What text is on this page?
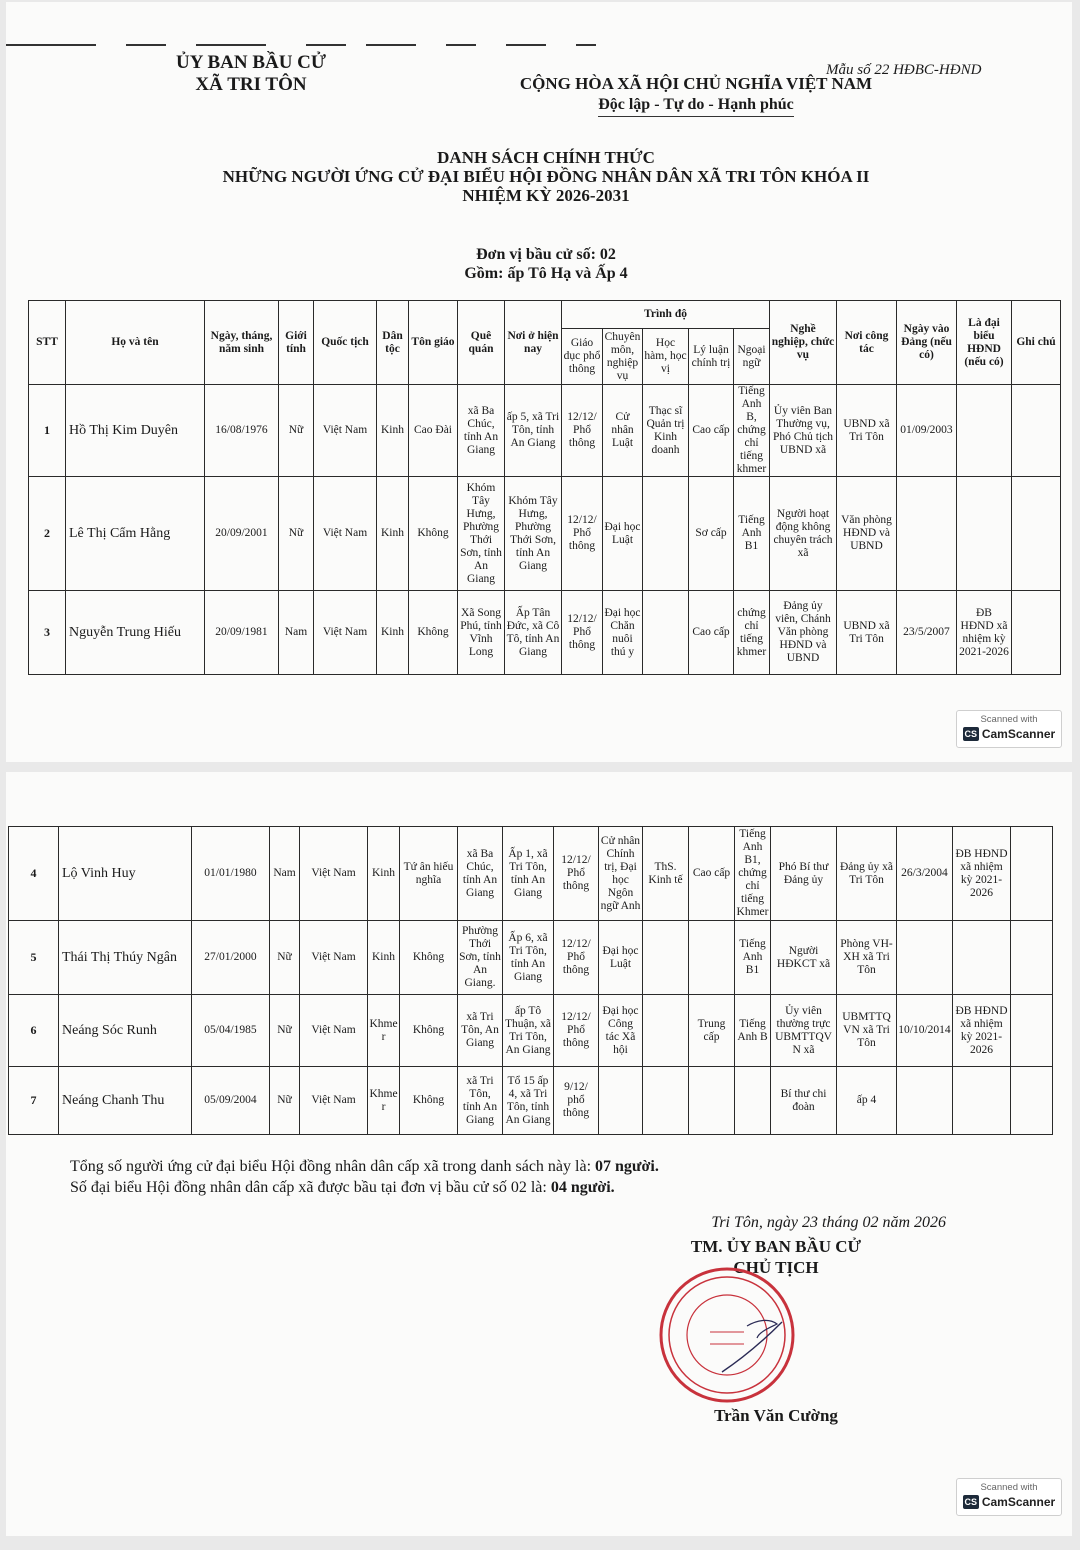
ỦY BAN BẦU CỬ
XÃ TRI TÔN
Mẫu số 22 HĐBC-HĐND
CỘNG HÒA XÃ HỘI CHỦ NGHĨA VIỆT NAM
Độc lập - Tự do - Hạnh phúc
DANH SÁCH CHÍNH THỨC
NHỮNG NGƯỜI ỨNG CỬ ĐẠI BIỂU HỘI ĐỒNG NHÂN DÂN XÃ TRI TÔN KHÓA II
NHIỆM KỲ 2026-2031
Đơn vị bầu cử số: 02
Gồm: ấp Tô Hạ và Ấp 4
STT	Họ và tên	Ngày, tháng, năm sinh	Giới tính	Quốc tịch	Dân tộc	Tôn giáo	Quê quán	Nơi ở hiện nay	Trình độ					Nghề nghiệp, chức vụ	Nơi công tác	Ngày vào Đảng (nếu có)	Là đại biểu HĐND (nếu có)	Ghi chú
									Giáo dục phổ thông	Chuyên môn, nghiệp vụ	Học hàm, học vị	Lý luận chính trị	Ngoại ngữ					
1	Hồ Thị Kim Duyên	16/08/1976	Nữ	Việt Nam	Kinh	Cao Đài	xã Ba Chúc, tỉnh An Giang	ấp 5, xã Tri Tôn, tỉnh An Giang	12/12/ Phổ thông	Cử nhân Luật	Thạc sĩ Quản trị Kinh doanh	Cao cấp	Tiếng Anh B, chứng chỉ tiếng khmer	Ủy viên Ban Thường vụ, Phó Chủ tịch UBND xã	UBND xã Tri Tôn	01/09/2003		
2	Lê Thị Cẩm Hằng	20/09/2001	Nữ	Việt Nam	Kinh	Không	Khóm Tây Hưng, Phường Thới Sơn, tỉnh An Giang	Khóm Tây Hưng, Phường Thới Sơn, tỉnh An Giang	12/12/ Phổ thông	Đại học Luật		Sơ cấp	Tiếng Anh B1	Người hoạt động không chuyên trách xã	Văn phòng HĐND và UBND			
3	Nguyễn Trung Hiếu	20/09/1981	Nam	Việt Nam	Kinh	Không	Xã Song Phú, tỉnh Vĩnh Long	Ấp Tân Đức, xã Cô Tô, tỉnh An Giang	12/12/ Phổ thông	Đại học Chăn nuôi thú y		Cao cấp	chứng chỉ tiếng khmer	Đảng ủy viên, Chánh Văn phòng HĐND và UBND	UBND xã Tri Tôn	23/5/2007	ĐB HĐND xã nhiệm kỳ 2021-2026	
Scanned with
CS CamScanner
4	Lộ Vinh Huy	01/01/1980	Nam	Việt Nam	Kinh	Tứ ân hiếu nghĩa	xã Ba Chúc, tỉnh An Giang	Ấp 1, xã Tri Tôn, tỉnh An Giang	12/12/ Phổ thông	Cử nhân Chính trị, Đại học Ngôn ngữ Anh	ThS. Kinh tế	Cao cấp	Tiếng Anh B1, chứng chỉ tiếng Khmer	Phó Bí thư Đảng ủy	Đảng ủy xã Tri Tôn	26/3/2004	ĐB HĐND xã nhiệm kỳ 2021-2026	
5	Thái Thị Thúy Ngân	27/01/2000	Nữ	Việt Nam	Kinh	Không	Phường Thới Sơn, tỉnh An Giang.	Ấp 6, xã Tri Tôn, tỉnh An Giang	12/12/ Phổ thông	Đại học Luật			Tiếng Anh B1	Người HĐKCT xã	Phòng VH-XH xã Tri Tôn			
6	Neáng Sóc Runh	05/04/1985	Nữ	Việt Nam	Khmer	Không	xã Tri Tôn, An Giang	ấp Tô Thuận, xã Tri Tôn, An Giang	12/12/ Phổ thông	Đại học Công tác Xã hội		Trung cấp	Tiếng Anh B	Ủy viên thường trực UBMTTQVN xã	UBMTTQ VN xã Tri Tôn	10/10/2014	ĐB HĐND xã nhiệm kỳ 2021-2026	
7	Neáng Chanh Thu	05/09/2004	Nữ	Việt Nam	Khmer	Không	xã Tri Tôn, tỉnh An Giang	Tổ 15 ấp 4, xã Tri Tôn, tỉnh An Giang	9/12/ phổ thông					Bí thư chi đoàn	ấp 4			
Tổng số người ứng cử đại biểu Hội đồng nhân dân cấp xã trong danh sách này là: 07 người.
Số đại biểu Hội đồng nhân dân cấp xã được bầu tại đơn vị bầu cử số 02 là: 04 người.
Tri Tôn, ngày 23 tháng 02 năm 2026
TM. ỦY BAN BẦU CỬ
CHỦ TỊCH
Trần Văn Cường
Scanned with
CS CamScanner
